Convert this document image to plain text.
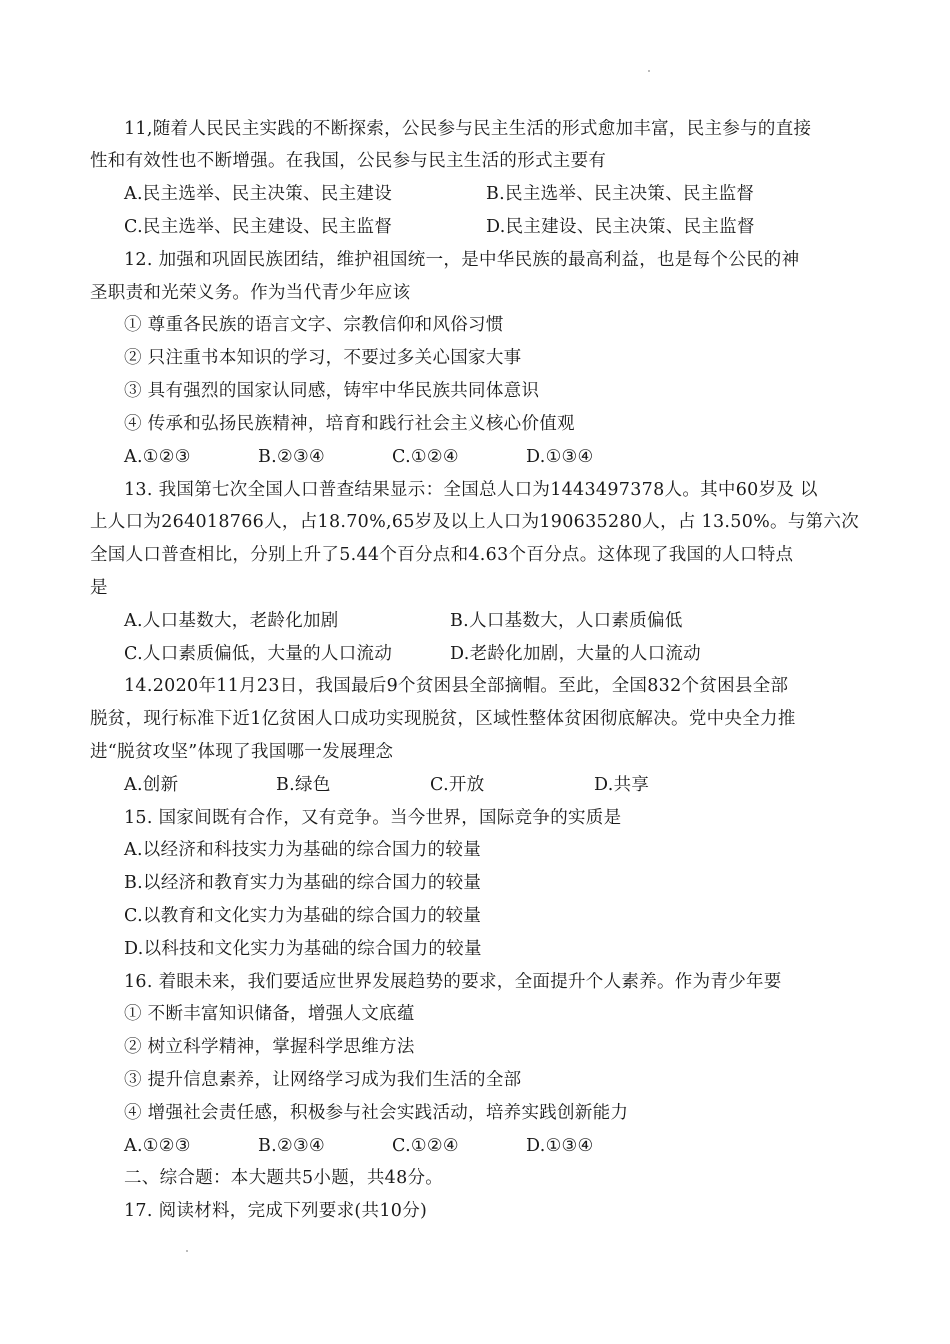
11,随着人民民主实践的不断探索，公民参与民主生活的形式愈加丰富，民主参与的直接
性和有效性也不断增强。在我国，公民参与民主生活的形式主要有
A.民主选举、民主决策、民主建设	B.民主选举、民主决策、民主监督
C.民主选举、民主建设、民主监督	D.民主建设、民主决策、民主监督
12. 加强和巩固民族团结，维护祖国统一，是中华民族的最高利益，也是每个公民的神
圣职责和光荣义务。作为当代青少年应该
① 尊重各民族的语言文字、宗教信仰和风俗习惯
② 只注重书本知识的学习，不要过多关心国家大事
③ 具有强烈的国家认同感，铸牢中华民族共同体意识
④ 传承和弘扬民族精神，培育和践行社会主义核心价值观
A.①②③	B.②③④	C.①②④	D.①③④
13. 我国第七次全国人口普查结果显示：全国总人口为1443497378人。其中60岁及 以
上人口为264018766人，占18.70%,65岁及以上人口为190635280人，占 13.50%。与第六次
全国人口普查相比，分别上升了5.44个百分点和4.63个百分点。这体现了我国的人口特点
是
A.人口基数大，老龄化加剧	B.人口基数大，人口素质偏低
C.人口素质偏低，大量的人口流动	D.老龄化加剧，大量的人口流动
14.2020年11月23日，我国最后9个贫困县全部摘帽。至此，全国832个贫困县全部
脱贫，现行标准下近1亿贫困人口成功实现脱贫，区域性整体贫困彻底解决。党中央全力推
进“脱贫攻坚”体现了我国哪一发展理念
A.创新	B.绿色	C.开放	D.共享
15. 国家间既有合作，又有竞争。当今世界，国际竞争的实质是
A.以经济和科技实力为基础的综合国力的较量
B.以经济和教育实力为基础的综合国力的较量
C.以教育和文化实力为基础的综合国力的较量
D.以科技和文化实力为基础的综合国力的较量
16. 着眼未来，我们要适应世界发展趋势的要求，全面提升个人素养。作为青少年要
① 不断丰富知识储备，增强人文底蕴
② 树立科学精神，掌握科学思维方法
③ 提升信息素养，让网络学习成为我们生活的全部
④ 增强社会责任感，积极参与社会实践活动，培养实践创新能力
A.①②③	B.②③④	C.①②④	D.①③④
二、综合题：本大题共5小题，共48分。
17. 阅读材料，完成下列要求(共10分)
